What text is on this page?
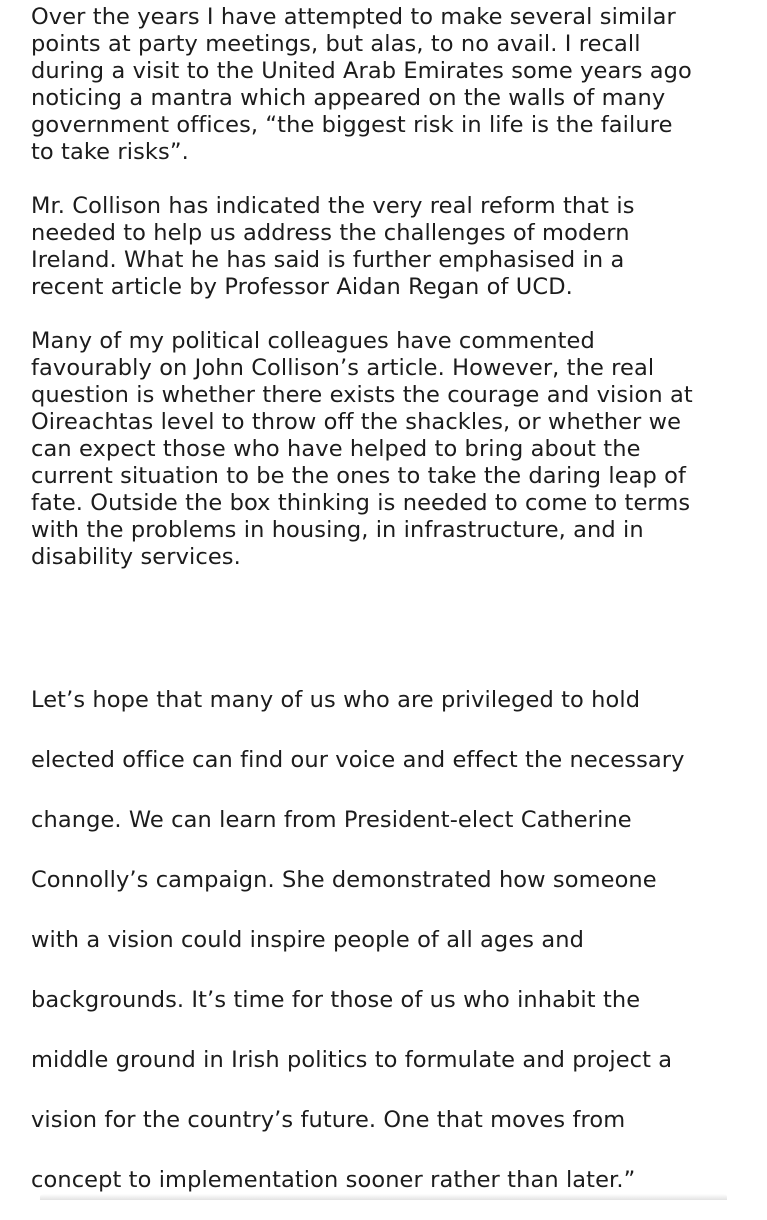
Over the years I have attempted to make several similar
points at party meetings, but alas, to no avail. I recall
during a visit to the United Arab Emirates some years ago
noticing a mantra which appeared on the walls of many
government offices, “the biggest risk in life is the failure
to take risks”.

Mr. Collison has indicated the very real reform that is
needed to help us address the challenges of modern
Ireland. What he has said is further emphasised in a
recent article by Professor Aidan Regan of UCD.

Many of my political colleagues have commented
favourably on John Collison’s article. However, the real
question is whether there exists the courage and vision at
Oireachtas level to throw off the shackles, or whether we
can expect those who have helped to bring about the
current situation to be the ones to take the daring leap of
fate. Outside the box thinking is needed to come to terms
with the problems in housing, in infrastructure, and in
disability services.

Let’s hope that many of us who are privileged to hold
elected office can find our voice and effect the necessary
change. We can learn from President-elect Catherine
Connolly’s campaign. She demonstrated how someone
with a vision could inspire people of all ages and
backgrounds. It’s time for those of us who inhabit the
middle ground in Irish politics to formulate and project a
vision for the country’s future. One that moves from
concept to implementation sooner rather than later.”
